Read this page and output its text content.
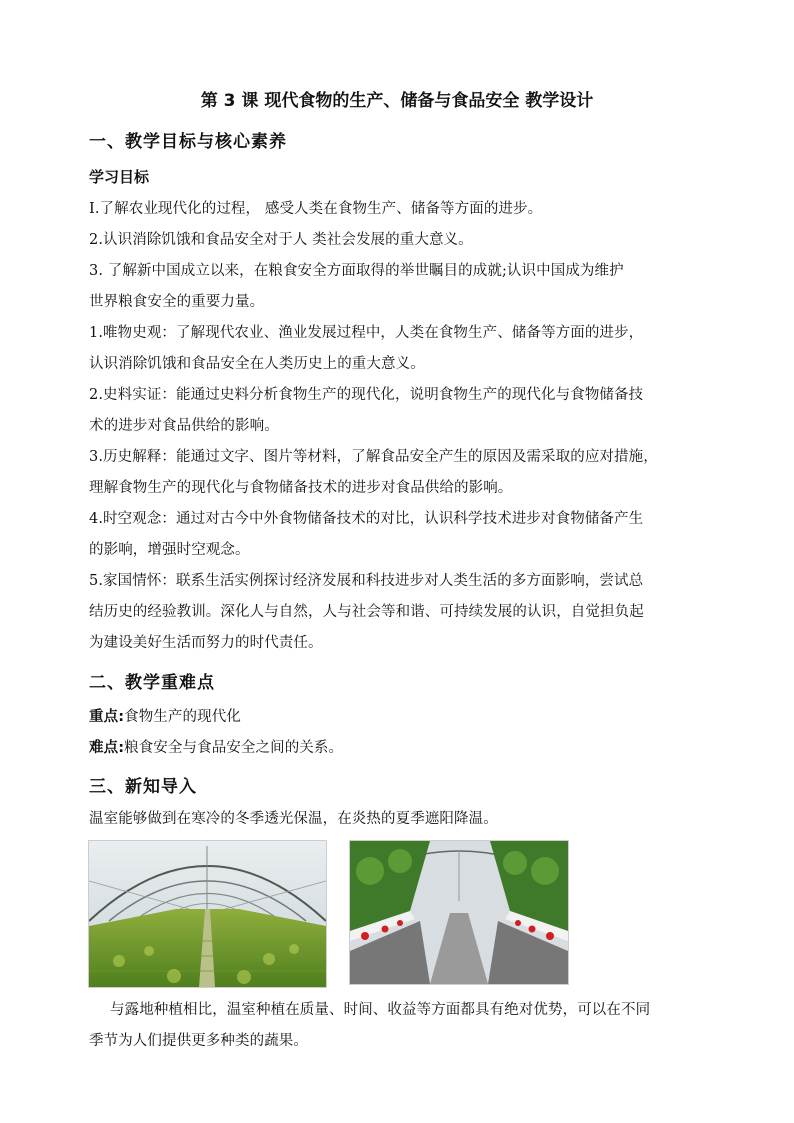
第 3 课 现代食物的生产、储备与食品安全 教学设计
一、教学目标与核心素养
学习目标
I.了解农业现代化的过程， 感受人类在食物生产、储备等方面的进步。
2.认识消除饥饿和食品安全对于人 类社会发展的重大意义。
3. 了解新中国成立以来，在粮食安全方面取得的举世瞩目的成就;认识中国成为维护
世界粮食安全的重要力量。
1.唯物史观：了解现代农业、渔业发展过程中，人类在食物生产、储备等方面的进步，
认识消除饥饿和食品安全在人类历史上的重大意义。
2.史料实证：能通过史料分析食物生产的现代化，说明食物生产的现代化与食物储备技
术的进步对食品供给的影响。
3.历史解释：能通过文字、图片等材料，了解食品安全产生的原因及需采取的应对措施，
理解食物生产的现代化与食物储备技术的进步对食品供给的影响。
4.时空观念：通过对古今中外食物储备技术的对比，认识科学技术进步对食物储备产生
的影响，增强时空观念。
5.家国情怀：联系生活实例探讨经济发展和科技进步对人类生活的多方面影响，尝试总
结历史的经验教训。深化人与自然，人与社会等和谐、可持续发展的认识，自觉担负起
为建设美好生活而努力的时代责任。
二、教学重难点
重点:食物生产的现代化
难点:粮食安全与食品安全之间的关系。
三、新知导入
温室能够做到在寒冷的冬季透光保温，在炎热的夏季遮阳降温。
与露地种植相比，温室种植在质量、时间、收益等方面都具有绝对优势，可以在不同
季节为人们提供更多种类的蔬果。
